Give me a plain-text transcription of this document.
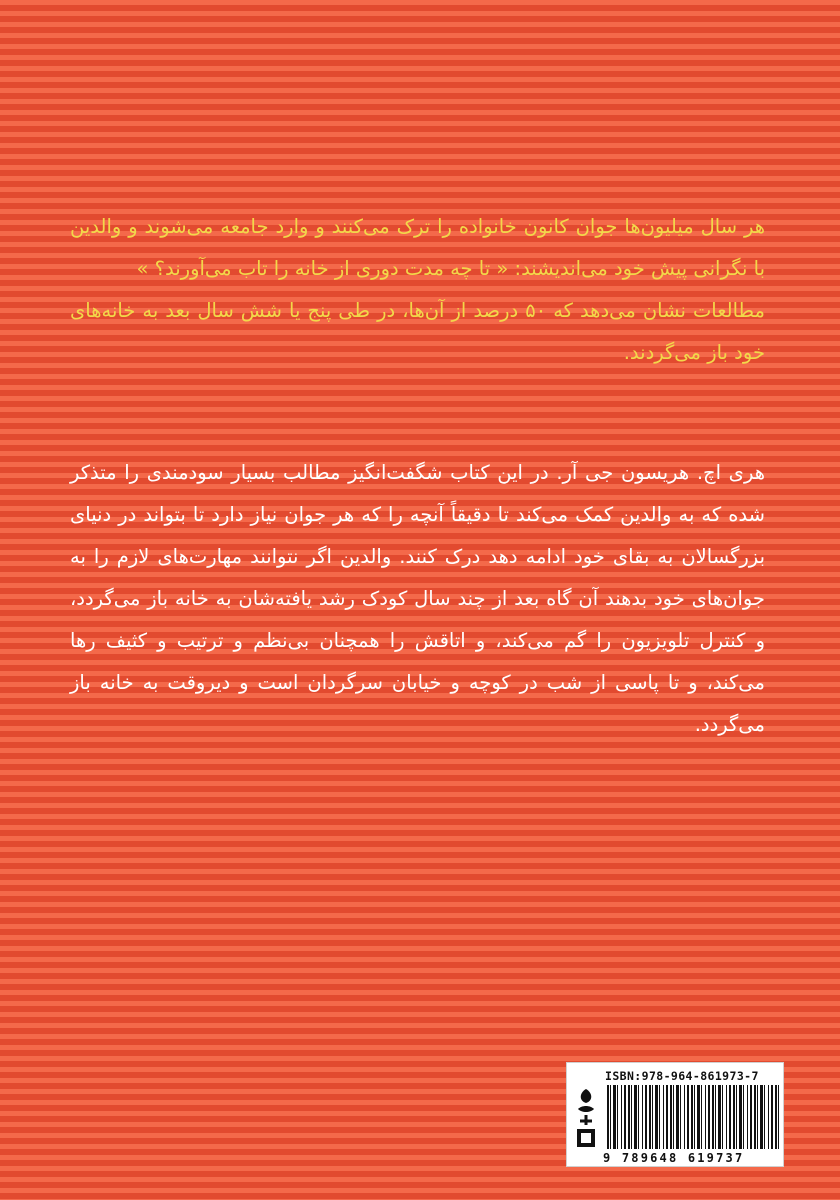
هر سال میلیون‌ها جوان کانون خانواده را ترک می‌کنند و وارد جامعه می‌شوند و والدین با نگرانی پیش خود می‌اندیشند: « تا چه مدت دوری از خانه را تاب می‌آورند؟ »

مطالعات نشان می‌دهد که ۵۰ درصد از آن‌ها، در طی پنج یا شش سال بعد به خانه‌های خود باز می‌گردند.

هری اچ. هریسون جی آر. در این کتاب شگفت‌انگیز مطالب بسیار سودمندی را متذکر شده که به والدین کمک می‌کند تا دقیقاً آنچه را که هر جوان نیاز دارد تا بتواند در دنیای بزرگسالان به بقای خود ادامه دهد درک کنند. والدین اگر نتوانند مهارت‌های لازم را به جوان‌های خود بدهند آن گاه بعد از چند سال کودک رشد یافته‌شان به خانه باز می‌گردد، و کنترل تلویزیون را گم می‌کند، و اتاقش را همچنان بی‌نظم و ترتیب و کثیف رها می‌کند، و تا پاسی از شب در کوچه و خیابان سرگردان است و دیروقت به خانه باز می‌گردد.

ISBN:978-964-861973-7
9 789648 619737
